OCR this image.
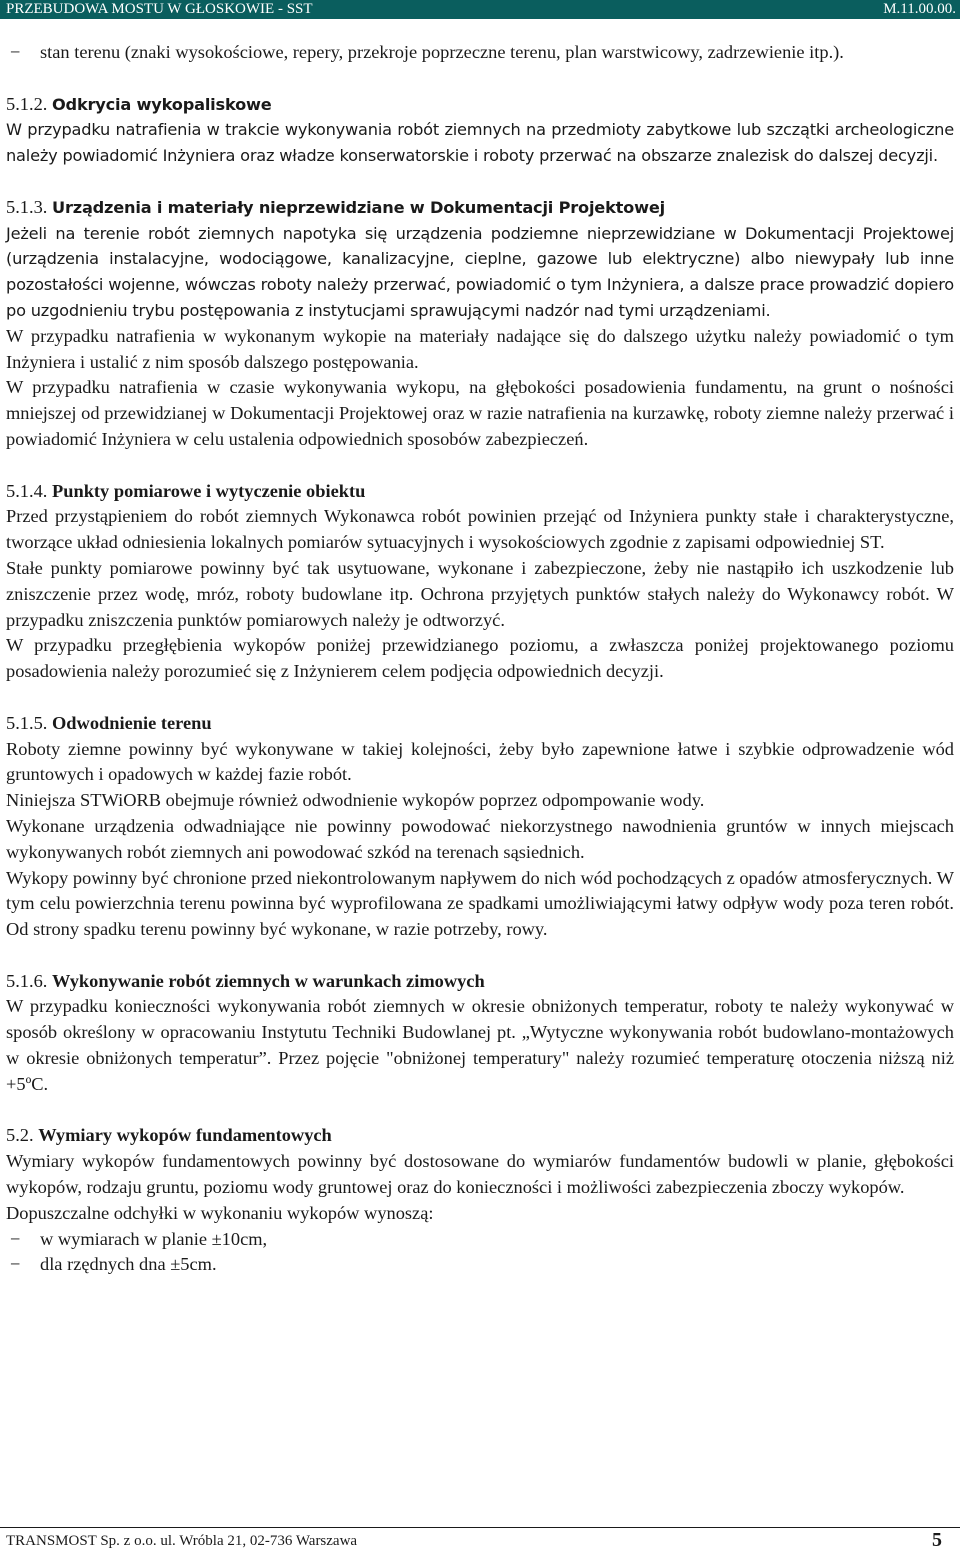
PRZEBUDOWA MOSTU W GŁOSKOWIE - SST	M.11.00.00.

− stan terenu (znaki wysokościowe, repery, przekroje poprzeczne terenu, plan warstwicowy, zadrzewienie itp.).

5.1.2. Odkrycia wykopaliskowe

W przypadku natrafienia w trakcie wykonywania robót ziemnych na przedmioty zabytkowe lub szczątki archeologiczne należy powiadomić Inżyniera oraz władze konserwatorskie i roboty przerwać na obszarze znalezisk do dalszej decyzji.

5.1.3. Urządzenia i materiały nieprzewidziane w Dokumentacji Projektowej

Jeżeli na terenie robót ziemnych napotyka się urządzenia podziemne nieprzewidziane w Dokumentacji Projektowej (urządzenia instalacyjne, wodociągowe, kanalizacyjne, cieplne, gazowe lub elektryczne) albo niewypały lub inne pozostałości wojenne, wówczas roboty należy przerwać, powiadomić o tym Inżyniera, a dalsze prace prowadzić dopiero po uzgodnieniu trybu postępowania z instytucjami sprawującymi nadzór nad tymi urządzeniami.

W przypadku natrafienia w wykonanym wykopie na materiały nadające się do dalszego użytku należy powiadomić o tym Inżyniera i ustalić z nim sposób dalszego postępowania.

W przypadku natrafienia w czasie wykonywania wykopu, na głębokości posadowienia fundamentu, na grunt o nośności mniejszej od przewidzianej w Dokumentacji Projektowej oraz w razie natrafienia na kurzawkę, roboty ziemne należy przerwać i powiadomić Inżyniera w celu ustalenia odpowiednich sposobów zabezpieczeń.

5.1.4. Punkty pomiarowe i wytyczenie obiektu

Przed przystąpieniem do robót ziemnych Wykonawca robót powinien przejąć od Inżyniera punkty stałe i charakterystyczne, tworzące układ odniesienia lokalnych pomiarów sytuacyjnych i wysokościowych zgodnie z zapisami odpowiedniej ST.

Stałe punkty pomiarowe powinny być tak usytuowane, wykonane i zabezpieczone, żeby nie nastąpiło ich uszkodzenie lub zniszczenie przez wodę, mróz, roboty budowlane itp. Ochrona przyjętych punktów stałych należy do Wykonawcy robót. W przypadku zniszczenia punktów pomiarowych należy je odtworzyć.

W przypadku przegłębienia wykopów poniżej przewidzianego poziomu, a zwłaszcza poniżej projektowanego poziomu posadowienia należy porozumieć się z Inżynierem celem podjęcia odpowiednich decyzji.

5.1.5. Odwodnienie terenu

Roboty ziemne powinny być wykonywane w takiej kolejności, żeby było zapewnione łatwe i szybkie odprowadzenie wód gruntowych i opadowych w każdej fazie robót.

Niniejsza STWiORB obejmuje również odwodnienie wykopów poprzez odpompowanie wody.

Wykonane urządzenia odwadniające nie powinny powodować niekorzystnego nawodnienia gruntów w innych miejscach wykonywanych robót ziemnych ani powodować szkód na terenach sąsiednich.

Wykopy powinny być chronione przed niekontrolowanym napływem do nich wód pochodzących z opadów atmosferycznych. W tym celu powierzchnia terenu powinna być wyprofilowana ze spadkami umożliwiającymi łatwy odpływ wody poza teren robót. Od strony spadku terenu powinny być wykonane, w razie potrzeby, rowy.

5.1.6. Wykonywanie robót ziemnych w warunkach zimowych

W przypadku konieczności wykonywania robót ziemnych w okresie obniżonych temperatur, roboty te należy wykonywać w sposób określony w opracowaniu Instytutu Techniki Budowlanej pt. „Wytyczne wykonywania robót budowlano-montażowych w okresie obniżonych temperatur”. Przez pojęcie "obniżonej temperatury" należy rozumieć temperaturę otoczenia niższą niż +5ºC.

5.2. Wymiary wykopów fundamentowych

Wymiary wykopów fundamentowych powinny być dostosowane do wymiarów fundamentów budowli w planie, głębokości wykopów, rodzaju gruntu, poziomu wody gruntowej oraz do konieczności i możliwości zabezpieczenia zboczy wykopów.

Dopuszczalne odchyłki w wykonaniu wykopów wynoszą:

− w wymiarach w planie ±10cm,

− dla rzędnych dna ±5cm.

TRANSMOST Sp. z o.o. ul. Wróbla 21, 02-736 Warszawa	5
